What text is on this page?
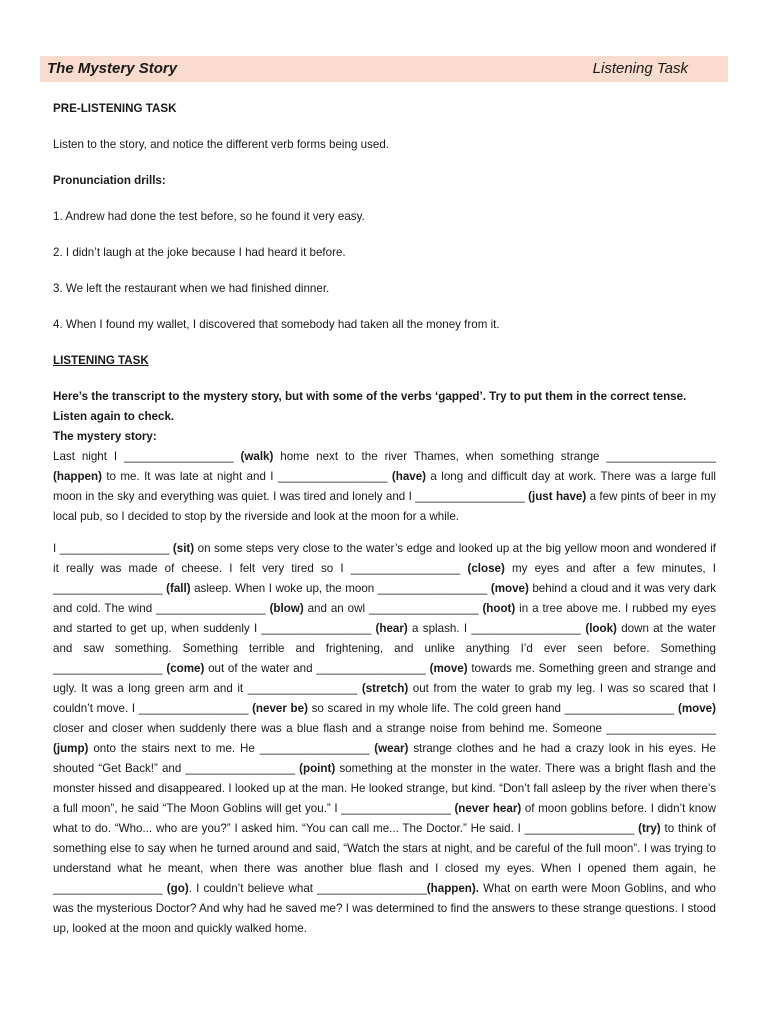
The Mystery Story	Listening Task

PRE-LISTENING TASK

Listen to the story, and notice the different verb forms being used.

Pronunciation drills:

1. Andrew had done the test before, so he found it very easy.

2. I didn’t laugh at the joke because I had heard it before.

3. We left the restaurant when we had finished dinner.

4. When I found my wallet, I discovered that somebody had taken all the money from it.

LISTENING TASK

Here’s the transcript to the mystery story, but with some of the verbs ‘gapped’. Try to put them in the correct tense. Listen again to check.

The mystery story:

Last night I _________________ (walk) home next to the river Thames, when something strange _________________ (happen) to me. It was late at night and I _________________ (have) a long and difficult day at work. There was a large full moon in the sky and everything was quiet. I was tired and lonely and I _________________ (just have) a few pints of beer in my local pub, so I decided to stop by the riverside and look at the moon for a while.

I _________________ (sit) on some steps very close to the water’s edge and looked up at the big yellow moon and wondered if it really was made of cheese. I felt very tired so I _________________ (close) my eyes and after a few minutes, I _________________ (fall) asleep. When I woke up, the moon _________________ (move) behind a cloud and it was very dark and cold. The wind _________________ (blow) and an owl _________________ (hoot) in a tree above me. I rubbed my eyes and started to get up, when suddenly I _________________ (hear) a splash. I _________________ (look) down at the water and saw something. Something terrible and frightening, and unlike anything I’d ever seen before. Something _________________ (come) out of the water and _________________ (move) towards me. Something green and strange and ugly. It was a long green arm and it _________________ (stretch) out from the water to grab my leg. I was so scared that I couldn’t move. I _________________ (never be) so scared in my whole life. The cold green hand _________________ (move) closer and closer when suddenly there was a blue flash and a strange noise from behind me. Someone _________________ (jump) onto the stairs next to me. He _________________ (wear) strange clothes and he had a crazy look in his eyes. He shouted “Get Back!” and _________________ (point) something at the monster in the water. There was a bright flash and the monster hissed and disappeared. I looked up at the man. He looked strange, but kind. “Don’t fall asleep by the river when there’s a full moon”, he said “The Moon Goblins will get you.” I _________________ (never hear) of moon goblins before. I didn’t know what to do. “Who... who are you?” I asked him. “You can call me... The Doctor.” He said. I _________________ (try) to think of something else to say when he turned around and said, “Watch the stars at night, and be careful of the full moon”. I was trying to understand what he meant, when there was another blue flash and I closed my eyes. When I opened them again, he _________________ (go). I couldn’t believe what _________________(happen). What on earth were Moon Goblins, and who was the mysterious Doctor? And why had he saved me? I was determined to find the answers to these strange questions. I stood up, looked at the moon and quickly walked home.
